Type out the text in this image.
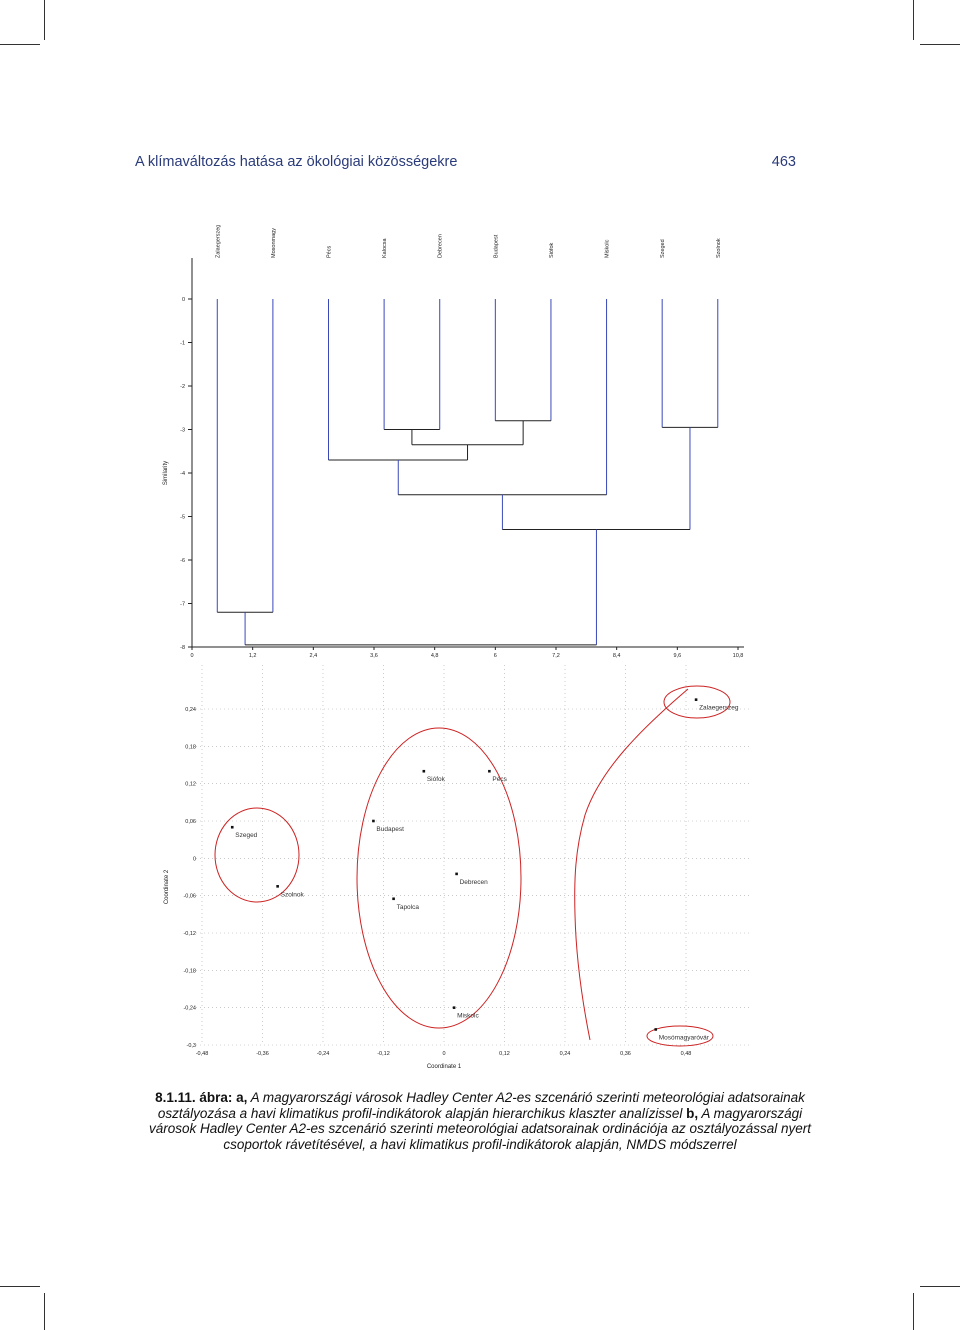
A klímaváltozás hatása az ökológiai közösségekre	463
0
-1
-2
-3
-4
-5
-6
-7
-8
0	1,2	2,4	3,6	4,8	6	7,2	8,4	9,6	10,8
Similarity
Zalaegerszeg	Mosonmagy	Pécs	Kalocsa	Debrecen	Budapest	Siófok	Miskolc	Szeged	Szolnok
-0,48	-0,36	-0,24	-0,12	0	0,12	0,24	0,36	0,48
0,24
0,18
0,12
0,06
0
-0,06
-0,12
-0,18
-0,24
-0,3
Coordinate 1
Coordinate 2
Zalaegerszeg
Siófok	Pécs
Szeged
Budapest
Szolnok
Debrecen
Tapolca
Miskolc
Mosómagyaróvár
8.1.11. ábra: a, A magyarországi városok Hadley Center A2-es szcenárió szerinti meteorológiai adatsorainak osztályozása a havi klimatikus profil-indikátorok alapján hierarchikus klaszter analízissel b, A magyarországi városok Hadley Center A2-es szcenárió szerinti meteorológiai adatsorainak ordinációja az osztályozással nyert csoportok rávetítésével, a havi klimatikus profil-indikátorok alapján, NMDS módszerrel
